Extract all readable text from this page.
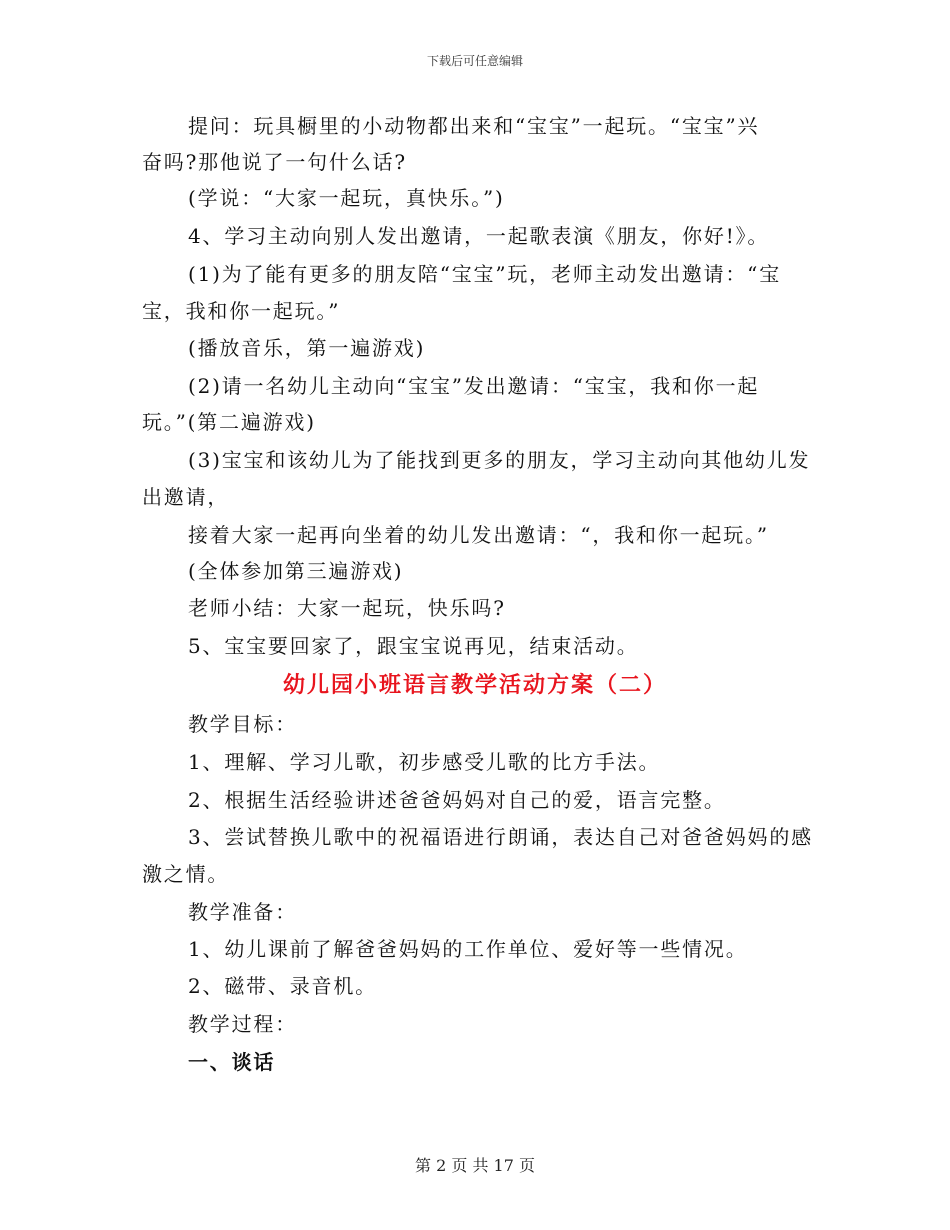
下载后可任意编辑
提问：玩具橱里的小动物都出来和“宝宝”一起玩。“宝宝”兴
奋吗?那他说了一句什么话?
(学说：“大家一起玩，真快乐。”)
4、学习主动向别人发出邀请，一起歌表演《朋友，你好!》。
(1)为了能有更多的朋友陪“宝宝”玩，老师主动发出邀请：“宝
宝，我和你一起玩。”
(播放音乐，第一遍游戏)
(2)请一名幼儿主动向“宝宝”发出邀请：“宝宝，我和你一起
玩。”(第二遍游戏)
(3)宝宝和该幼儿为了能找到更多的朋友，学习主动向其他幼儿发
出邀请，
接着大家一起再向坐着的幼儿发出邀请：“，我和你一起玩。”
(全体参加第三遍游戏)
老师小结：大家一起玩，快乐吗?
5、宝宝要回家了，跟宝宝说再见，结束活动。
幼儿园小班语言教学活动方案（二）
教学目标：
1、理解、学习儿歌，初步感受儿歌的比方手法。
2、根据生活经验讲述爸爸妈妈对自己的爱，语言完整。
3、尝试替换儿歌中的祝福语进行朗诵，表达自己对爸爸妈妈的感
激之情。
教学准备：
1、幼儿课前了解爸爸妈妈的工作单位、爱好等一些情况。
2、磁带、录音机。
教学过程：
一、谈话
第 2 页 共 17 页
